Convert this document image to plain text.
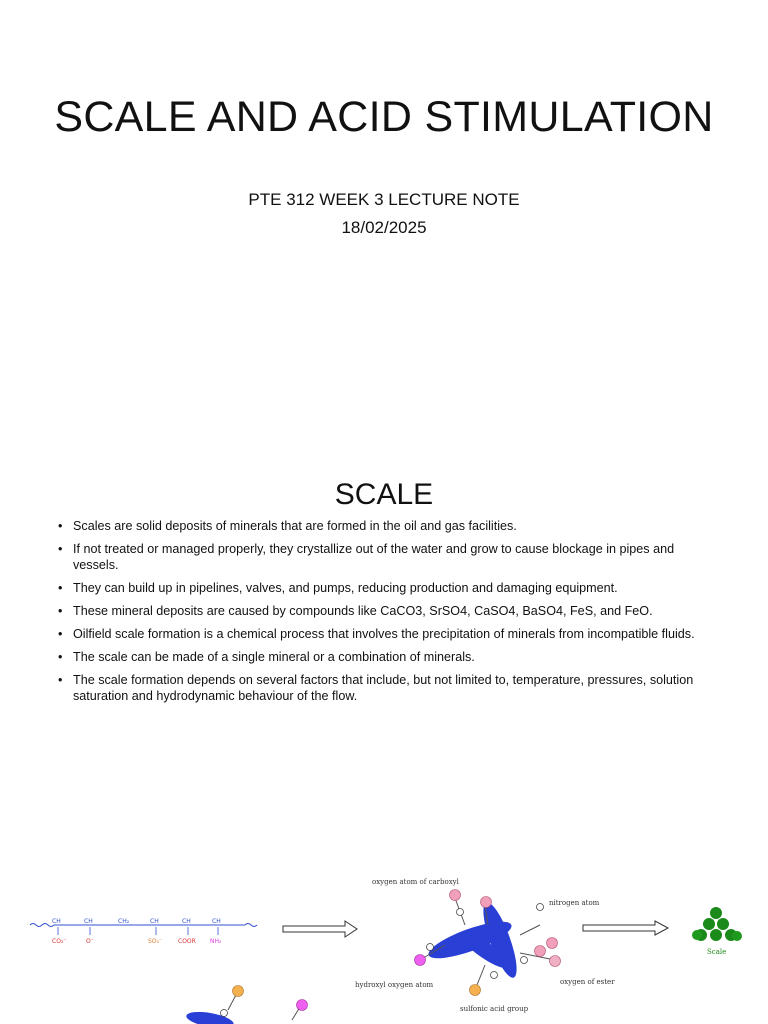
SCALE AND ACID STIMULATION
PTE 312 WEEK 3 LECTURE NOTE
18/02/2025
SCALE
• Scales are solid deposits of minerals that are formed in the oil and gas facilities.
• If not treated or managed properly, they crystallize out of the water and grow to cause blockage in pipes and vessels.
• They can build up in pipelines, valves, and pumps, reducing production and damaging equipment.
• These mineral deposits are caused by compounds like CaCO3, SrSO4, CaSO4, BaSO4, FeS, and FeO.
• Oilfield scale formation is a chemical process that involves the precipitation of minerals from incompatible fluids.
• The scale can be made of a single mineral or a combination of minerals.
• The scale formation depends on several factors that include, but not limited to, temperature, pressures, solution saturation and hydrodynamic behaviour of the flow.
CH	CH	CH₂	CH	CH	CH
CO₂⁻	O⁻	SO₃⁻	COOR NH₂
oxygen atom of carboxyl
nitrogen atom
hydroxyl oxygen atom	oxygen of ester
sulfonic acid group
Scale
